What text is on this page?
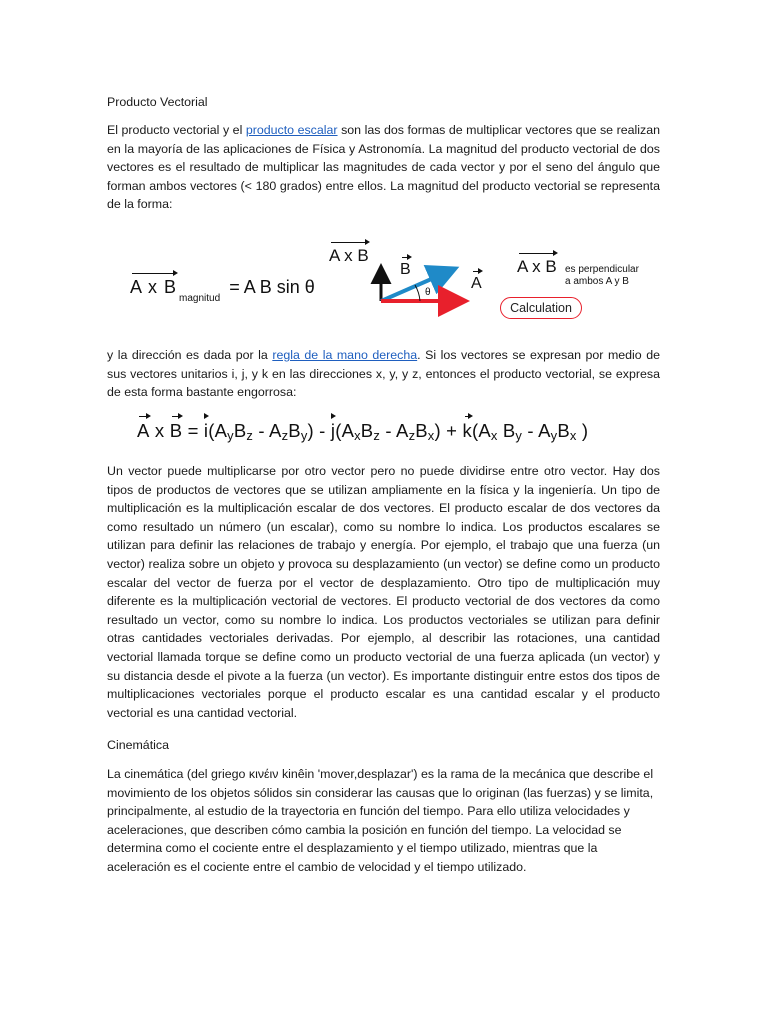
Producto Vectorial

El producto vectorial y el producto escalar son las dos formas de multiplicar vectores que se realizan en la mayoría de las aplicaciones de Física y Astronomía. La magnitud del producto vectorial de dos vectores es el resultado de multiplicar las magnitudes de cada vector y por el seno del ángulo que forman ambos vectores (< 180 grados) entre ellos. La magnitud del producto vectorial se representa de la forma:

A x $B_{magnitud} = A$ B sin θ
A x B
B
A
θ
A x B es perpendicular
a ambos A y B
Calculation

y la dirección es dada por la regla de la mano derecha. Si los vectores se expresan por medio de sus vectores unitarios i, j, y k en las direcciones x, y, y z, entonces el producto vectorial, se expresa de esta forma bastante engorrosa:

A x $B = i(A_yB_z - A_zB_y) - j(A_xB_z - A_zB_x) + k(A_x$ $B_y - A_yB_x$ )

Un vector puede multiplicarse por otro vector pero no puede dividirse entre otro vector. Hay dos tipos de productos de vectores que se utilizan ampliamente en la física y la ingeniería. Un tipo de multiplicación es la multiplicación escalar de dos vectores. El producto escalar de dos vectores da como resultado un número (un escalar), como su nombre lo indica. Los productos escalares se utilizan para definir las relaciones de trabajo y energía. Por ejemplo, el trabajo que una fuerza (un vector) realiza sobre un objeto y provoca su desplazamiento (un vector) se define como un producto escalar del vector de fuerza por el vector de desplazamiento. Otro tipo de multiplicación muy diferente es la multiplicación vectorial de vectores. El producto vectorial de dos vectores da como resultado un vector, como su nombre lo indica. Los productos vectoriales se utilizan para definir otras cantidades vectoriales derivadas. Por ejemplo, al describir las rotaciones, una cantidad vectorial llamada torque se define como un producto vectorial de una fuerza aplicada (un vector) y su distancia desde el pivote a la fuerza (un vector). Es importante distinguir entre estos dos tipos de multiplicaciones vectoriales porque el producto escalar es una cantidad escalar y el producto vectorial es una cantidad vectorial.

Cinemática

La cinemática (del griego κινέιν kinêin 'mover,desplazar') es la rama de la mecánica que describe el movimiento de los objetos sólidos sin considerar las causas que lo originan (las fuerzas) y se limita, principalmente, al estudio de la trayectoria en función del tiempo. Para ello utiliza velocidades y aceleraciones, que describen cómo cambia la posición en función del tiempo. La velocidad se determina como el cociente entre el desplazamiento y el tiempo utilizado, mientras que la aceleración es el cociente entre el cambio de velocidad y el tiempo utilizado.
